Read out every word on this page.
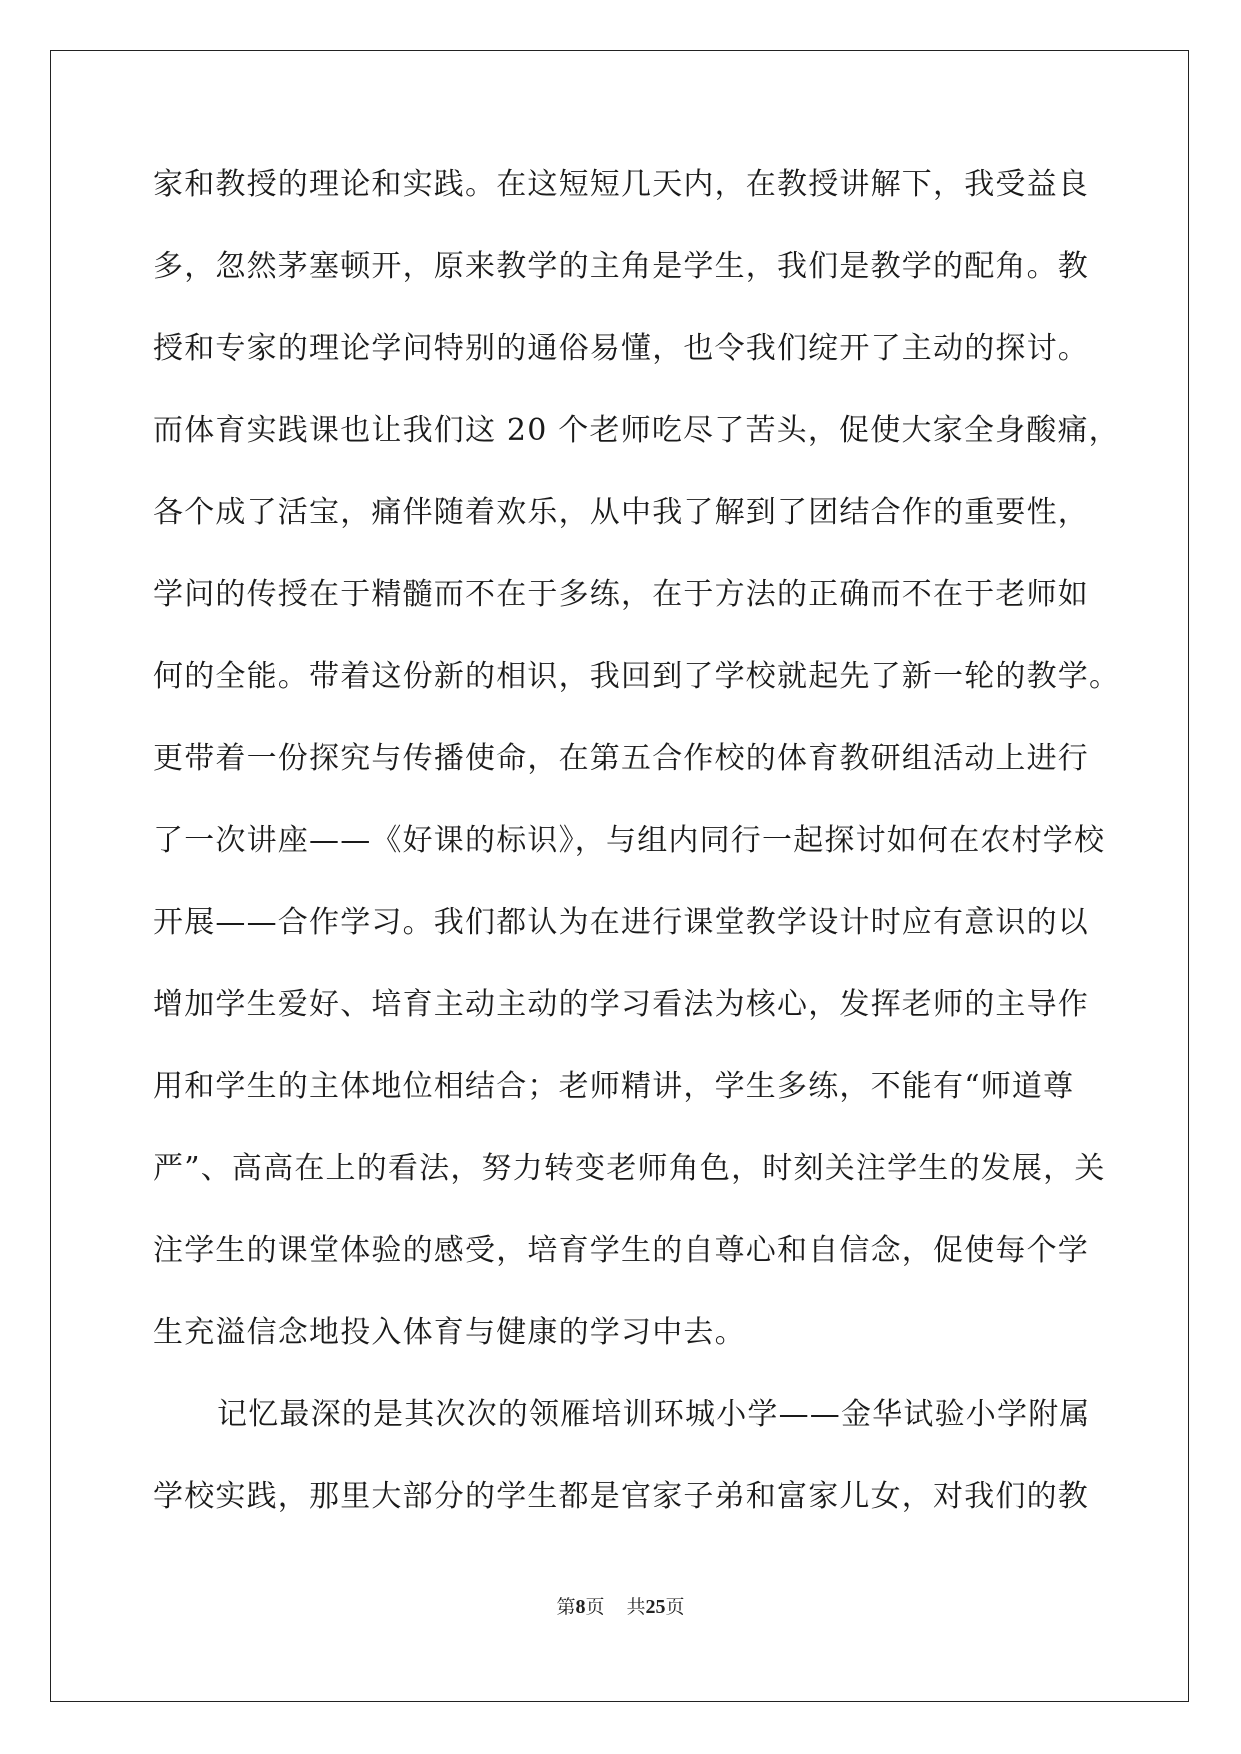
家和教授的理论和实践。在这短短几天内，在教授讲解下，我受益良
多，忽然茅塞顿开，原来教学的主角是学生，我们是教学的配角。教
授和专家的理论学问特别的通俗易懂，也令我们绽开了主动的探讨。
而体育实践课也让我们这 20 个老师吃尽了苦头，促使大家全身酸痛，
各个成了活宝，痛伴随着欢乐，从中我了解到了团结合作的重要性，
学问的传授在于精髓而不在于多练，在于方法的正确而不在于老师如
何的全能。带着这份新的相识，我回到了学校就起先了新一轮的教学。
更带着一份探究与传播使命，在第五合作校的体育教研组活动上进行
了一次讲座——《好课的标识》，与组内同行一起探讨如何在农村学校
开展——合作学习。我们都认为在进行课堂教学设计时应有意识的以
增加学生爱好、培育主动主动的学习看法为核心，发挥老师的主导作
用和学生的主体地位相结合；老师精讲，学生多练，不能有“师道尊
严”、高高在上的看法，努力转变老师角色，时刻关注学生的发展，关
注学生的课堂体验的感受，培育学生的自尊心和自信念，促使每个学
生充溢信念地投入体育与健康的学习中去。
记忆最深的是其次次的领雁培训环城小学——金华试验小学附属
学校实践，那里大部分的学生都是官家子弟和富家儿女，对我们的教
第8页 共25页
